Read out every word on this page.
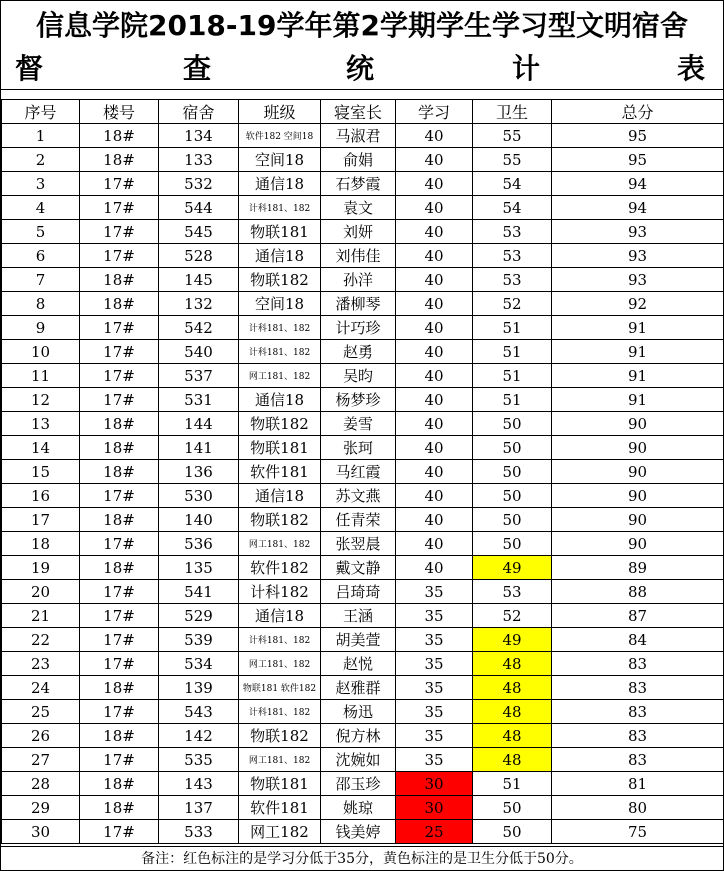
信息学院2018-19学年第2学期学生学习型文明宿舍
督	查	统	计	表
序号	楼号	宿舍	班级	寝室长	学习	卫生	总分
1	18#	134	软件182 空间18	马淑君	40	55	95
2	18#	133	空间18	俞娟	40	55	95
3	17#	532	通信18	石梦霞	40	54	94
4	17#	544	计科181、182	袁文	40	54	94
5	17#	545	物联181	刘妍	40	53	93
6	17#	528	通信18	刘伟佳	40	53	93
7	18#	145	物联182	孙洋	40	53	93
8	18#	132	空间18	潘柳琴	40	52	92
9	17#	542	计科181、182	计巧珍	40	51	91
10	17#	540	计科181、182	赵勇	40	51	91
11	17#	537	网工181、182	吴昀	40	51	91
12	17#	531	通信18	杨梦珍	40	51	91
13	18#	144	物联182	姜雪	40	50	90
14	18#	141	物联181	张珂	40	50	90
15	18#	136	软件181	马红霞	40	50	90
16	17#	530	通信18	苏文燕	40	50	90
17	18#	140	物联182	任青荣	40	50	90
18	17#	536	网工181、182	张翌晨	40	50	90
19	18#	135	软件182	戴文静	40	49	89
20	17#	541	计科182	吕琦琦	35	53	88
21	17#	529	通信18	王涵	35	52	87
22	17#	539	计科181、182	胡美萱	35	49	84
23	17#	534	网工181、182	赵悦	35	48	83
24	18#	139	物联181 软件182	赵雅群	35	48	83
25	17#	543	计科181、182	杨迅	35	48	83
26	18#	142	物联182	倪方林	35	48	83
27	17#	535	网工181、182	沈婉如	35	48	83
28	18#	143	物联181	邵玉珍	30	51	81
29	18#	137	软件181	姚琼	30	50	80
30	17#	533	网工182	钱美婷	25	50	75
备注：红色标注的是学习分低于35分，黄色标注的是卫生分低于50分。
